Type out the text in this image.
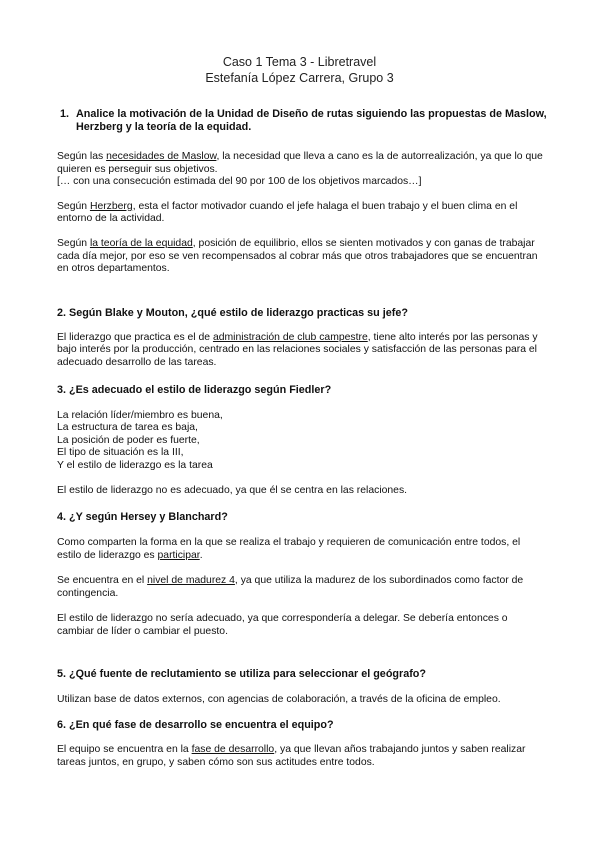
Caso 1 Tema 3 - Libretravel
Estefanía López Carrera, Grupo 3
1. Analice la motivación de la Unidad de Diseño de rutas siguiendo las propuestas de Maslow, Herzberg y la teoría de la equidad.

Según las necesidades de Maslow, la necesidad que lleva a cano es la de autorrealización, ya que lo que quieren es perseguir sus objetivos.

[… con una consecución estimada del 90 por 100 de los objetivos marcados…]

Según Herzberg, esta el factor motivador cuando el jefe halaga el buen trabajo y el buen clima en el entorno de la actividad.

Según la teoría de la equidad, posición de equilibrio, ellos se sienten motivados y con ganas de trabajar cada día mejor, por eso se ven recompensados al cobrar más que otros trabajadores que se encuentran en otros departamentos.

2. Según Blake y Mouton, ¿qué estilo de liderazgo practicas su jefe?

El liderazgo que practica es el de administración de club campestre, tiene alto interés por las personas y bajo interés por la producción, centrado en las relaciones sociales y satisfacción de las personas para el adecuado desarrollo de las tareas.

3. ¿Es adecuado el estilo de liderazgo según Fiedler?

La relación líder/miembro es buena,

La estructura de tarea es baja,

La posición de poder es fuerte,

El tipo de situación es la III,

Y el estilo de liderazgo es la tarea

El estilo de liderazgo no es adecuado, ya que él se centra en las relaciones.

4. ¿Y según Hersey y Blanchard?

Como comparten la forma en la que se realiza el trabajo y requieren de comunicación entre todos, el estilo de liderazgo es participar.

Se encuentra en el nivel de madurez 4, ya que utiliza la madurez de los subordinados como factor de contingencia.

El estilo de liderazgo no sería adecuado, ya que correspondería a delegar. Se debería entonces o cambiar de líder o cambiar el puesto.

5. ¿Qué fuente de reclutamiento se utiliza para seleccionar el geógrafo?

Utilizan base de datos externos, con agencias de colaboración, a través de la oficina de empleo.

6. ¿En qué fase de desarrollo se encuentra el equipo?

El equipo se encuentra en la fase de desarrollo, ya que llevan años trabajando juntos y saben realizar tareas juntos, en grupo, y saben cómo son sus actitudes entre todos.
